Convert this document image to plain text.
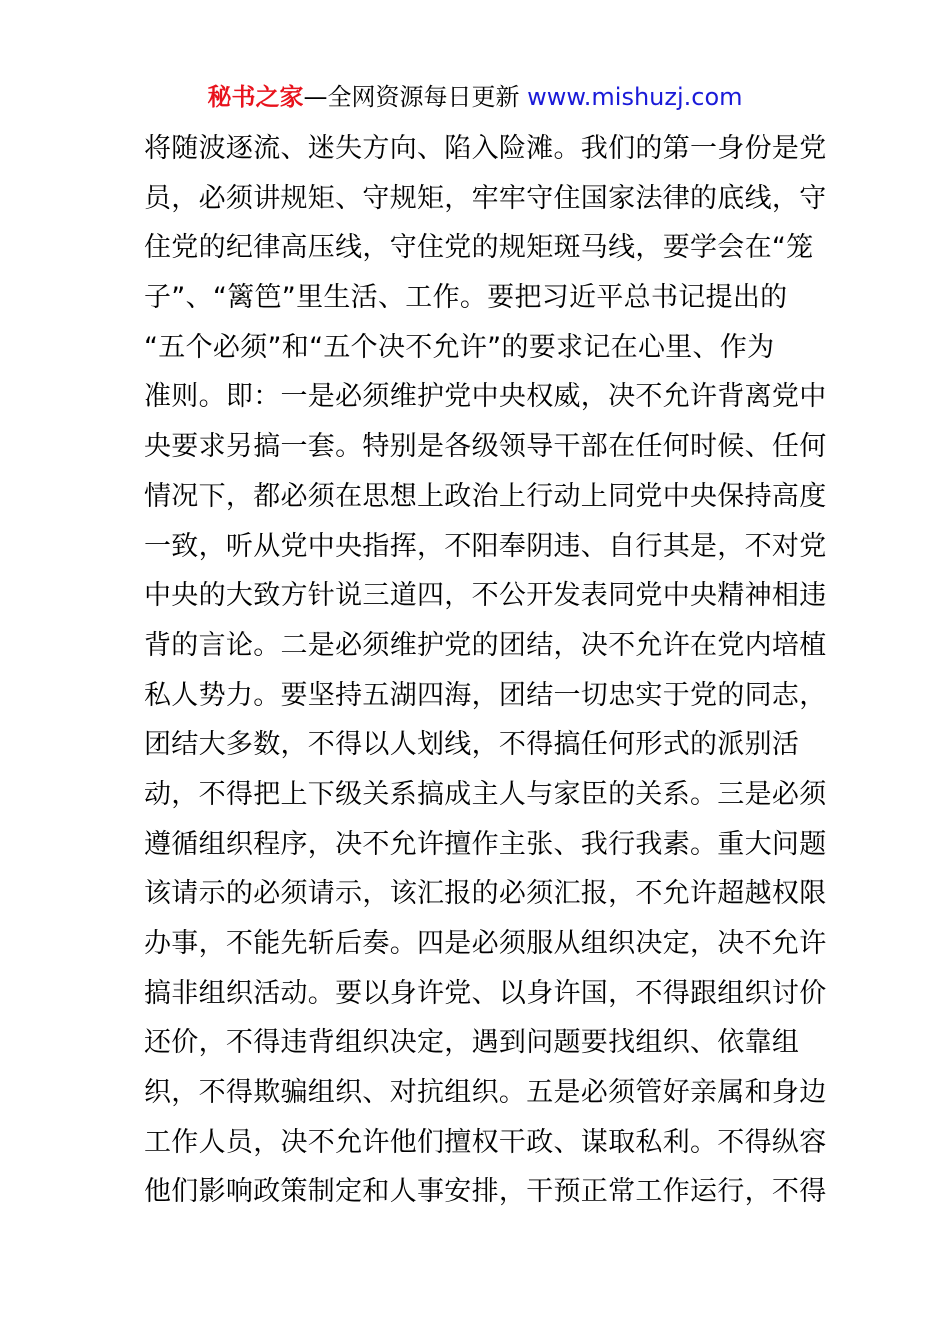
秘书之家—全网资源每日更新 www.mishuzj.com
将随波逐流、迷失方向、陷入险滩。我们的第一身份是党
员，必须讲规矩、守规矩，牢牢守住国家法律的底线，守
住党的纪律高压线，守住党的规矩斑马线，要学会在“笼
子”、“篱笆”里生活、工作。要把习近平总书记提出的
“五个必须”和“五个决不允许”的要求记在心里、作为
准则。即：一是必须维护党中央权威，决不允许背离党中
央要求另搞一套。特别是各级领导干部在任何时候、任何
情况下，都必须在思想上政治上行动上同党中央保持高度
一致，听从党中央指挥，不阳奉阴违、自行其是，不对党
中央的大致方针说三道四，不公开发表同党中央精神相违
背的言论。二是必须维护党的团结，决不允许在党内培植
私人势力。要坚持五湖四海，团结一切忠实于党的同志，
团结大多数，不得以人划线，不得搞任何形式的派别活
动，不得把上下级关系搞成主人与家臣的关系。三是必须
遵循组织程序，决不允许擅作主张、我行我素。重大问题
该请示的必须请示，该汇报的必须汇报，不允许超越权限
办事，不能先斩后奏。四是必须服从组织决定，决不允许
搞非组织活动。要以身许党、以身许国，不得跟组织讨价
还价，不得违背组织决定，遇到问题要找组织、依靠组
织，不得欺骗组织、对抗组织。五是必须管好亲属和身边
工作人员，决不允许他们擅权干政、谋取私利。不得纵容
他们影响政策制定和人事安排，干预正常工作运行，不得
